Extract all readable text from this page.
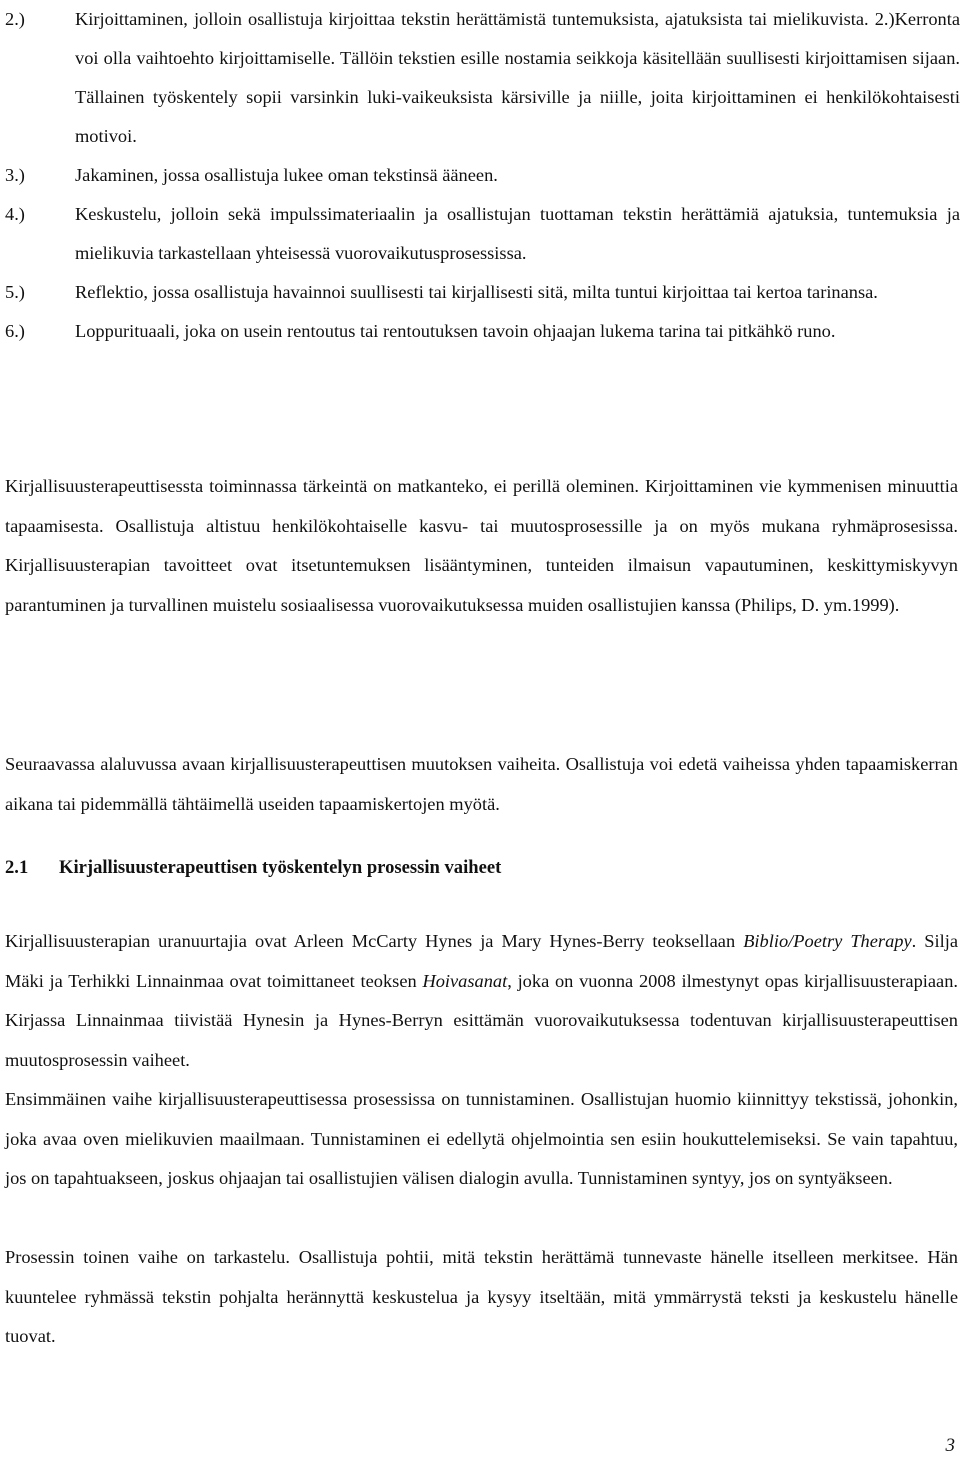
2.)	Kirjoittaminen, jolloin osallistuja kirjoittaa tekstin herättämistä tuntemuksista, ajatuksista tai mielikuvista. 2.)Kerronta voi olla vaihtoehto kirjoittamiselle. Tällöin tekstien esille nostamia seikkoja käsitellään suullisesti kirjoittamisen sijaan. Tällainen työskentely sopii varsinkin luki-vaikeuksista kärsiville ja niille, joita kirjoittaminen ei henkilökohtaisesti motivoi.
3.)	Jakaminen, jossa osallistuja lukee oman tekstinsä ääneen.
4.)	Keskustelu, jolloin sekä impulssimateriaalin ja osallistujan tuottaman tekstin herättämiä ajatuksia, tuntemuksia ja mielikuvia tarkastellaan yhteisessä vuorovaikutusprosessissa.
5.)	Reflektio, jossa osallistuja havainnoi suullisesti tai kirjallisesti sitä, milta tuntui kirjoittaa tai kertoa tarinansa.
6.)	Loppurituaali, joka on usein rentoutus tai rentoutuksen tavoin ohjaajan lukema tarina tai pitkähkö runo.

Kirjallisuusterapeuttisessta toiminnassa tärkeintä on matkanteko, ei perillä oleminen. Kirjoittaminen vie kymmenisen minuuttia tapaamisesta. Osallistuja altistuu henkilökohtaiselle kasvu- tai muutosprosessille ja on myös mukana ryhmäprosesissa. Kirjallisuusterapian tavoitteet ovat itsetuntemuksen lisääntyminen, tunteiden ilmaisun vapautuminen, keskittymiskyvyn parantuminen ja turvallinen muistelu sosiaalisessa vuorovaikutuksessa muiden osallistujien kanssa (Philips, D. ym.1999).

Seuraavassa alaluvussa avaan kirjallisuusterapeuttisen muutoksen vaiheita. Osallistuja voi edetä vaiheissa yhden tapaamiskerran aikana tai pidemmällä tähtäimellä useiden tapaamiskertojen myötä.

2.1 Kirjallisuusterapeuttisen työskentelyn prosessin vaiheet

Kirjallisuusterapian uranuurtajia ovat Arleen McCarty Hynes ja Mary Hynes-Berry teoksellaan Biblio/Poetry Therapy. Silja Mäki ja Terhikki Linnainmaa ovat toimittaneet teoksen Hoivasanat, joka on vuonna 2008 ilmestynyt opas kirjallisuusterapiaan. Kirjassa Linnainmaa tiivistää Hynesin ja Hynes-Berryn esittämän vuorovaikutuksessa todentuvan kirjallisuusterapeuttisen muutosprosessin vaiheet.

Ensimmäinen vaihe kirjallisuusterapeuttisessa prosessissa on tunnistaminen. Osallistujan huomio kiinnittyy tekstissä, johonkin, joka avaa oven mielikuvien maailmaan. Tunnistaminen ei edellytä ohjelmointia sen esiin houkuttelemiseksi. Se vain tapahtuu, jos on tapahtuakseen, joskus ohjaajan tai osallistujien välisen dialogin avulla. Tunnistaminen syntyy, jos on syntyäkseen.

Prosessin toinen vaihe on tarkastelu. Osallistuja pohtii, mitä tekstin herättämä tunnevaste hänelle itselleen merkitsee. Hän kuuntelee ryhmässä tekstin pohjalta herännyttä keskustelua ja kysyy itseltään, mitä ymmärrystä teksti ja keskustelu hänelle tuovat.

3
